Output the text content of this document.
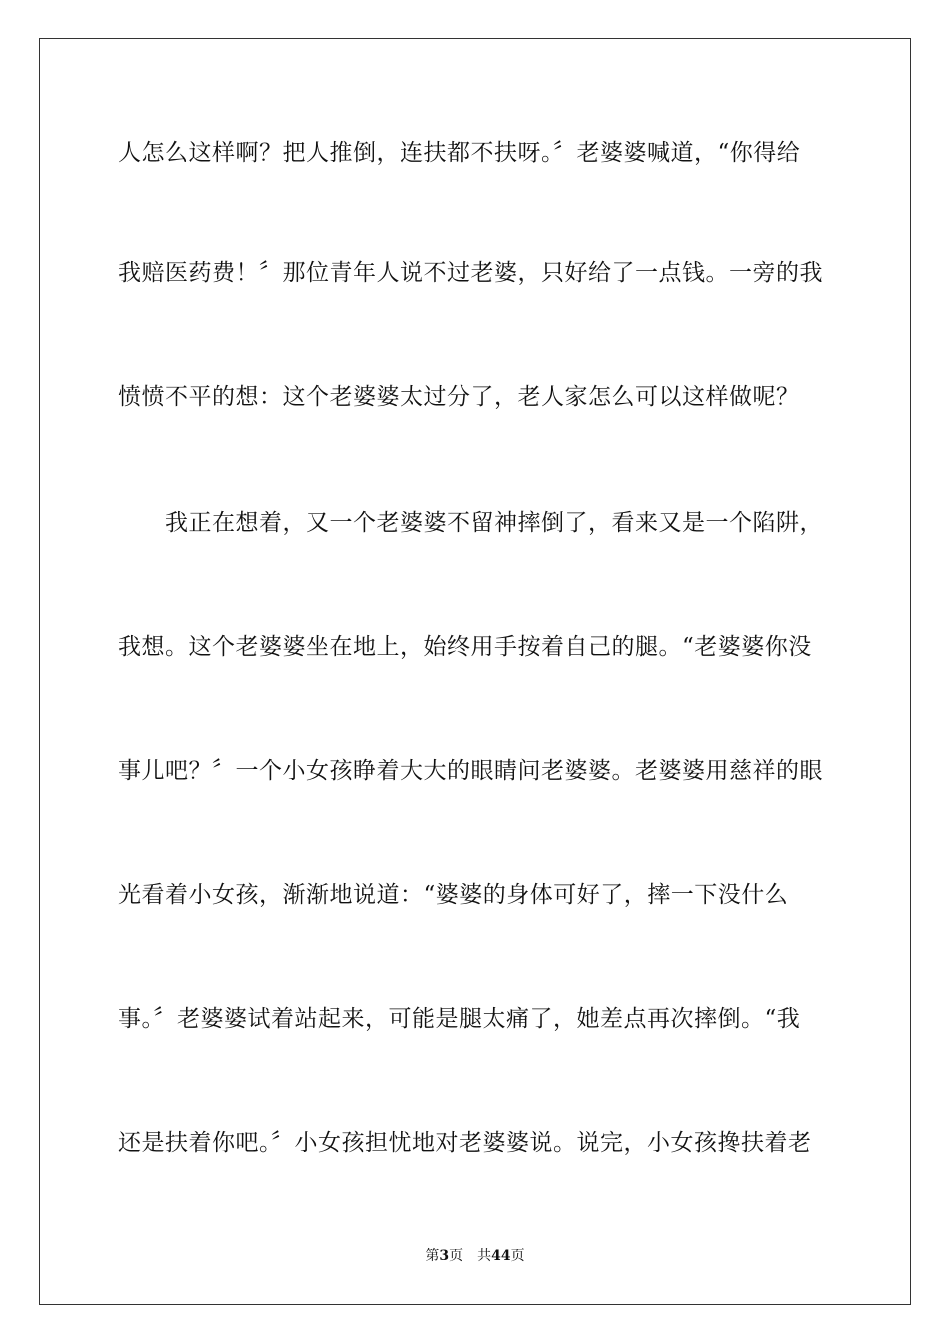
人怎么这样啊？把人推倒，连扶都不扶呀。〞老婆婆喊道，“你得给
我赔医药费！〞那位青年人说不过老婆，只好给了一点钱。一旁的我
愤愤不平的想：这个老婆婆太过分了，老人家怎么可以这样做呢？
　　我正在想着，又一个老婆婆不留神摔倒了，看来又是一个陷阱，
我想。这个老婆婆坐在地上，始终用手按着自己的腿。“老婆婆你没
事儿吧？〞一个小女孩睁着大大的眼睛问老婆婆。老婆婆用慈祥的眼
光看着小女孩，渐渐地说道：“婆婆的身体可好了，摔一下没什么
事。〞老婆婆试着站起来，可能是腿太痛了，她差点再次摔倒。“我
还是扶着你吧。〞小女孩担忧地对老婆婆说。说完，小女孩搀扶着老
第3页 共44页
